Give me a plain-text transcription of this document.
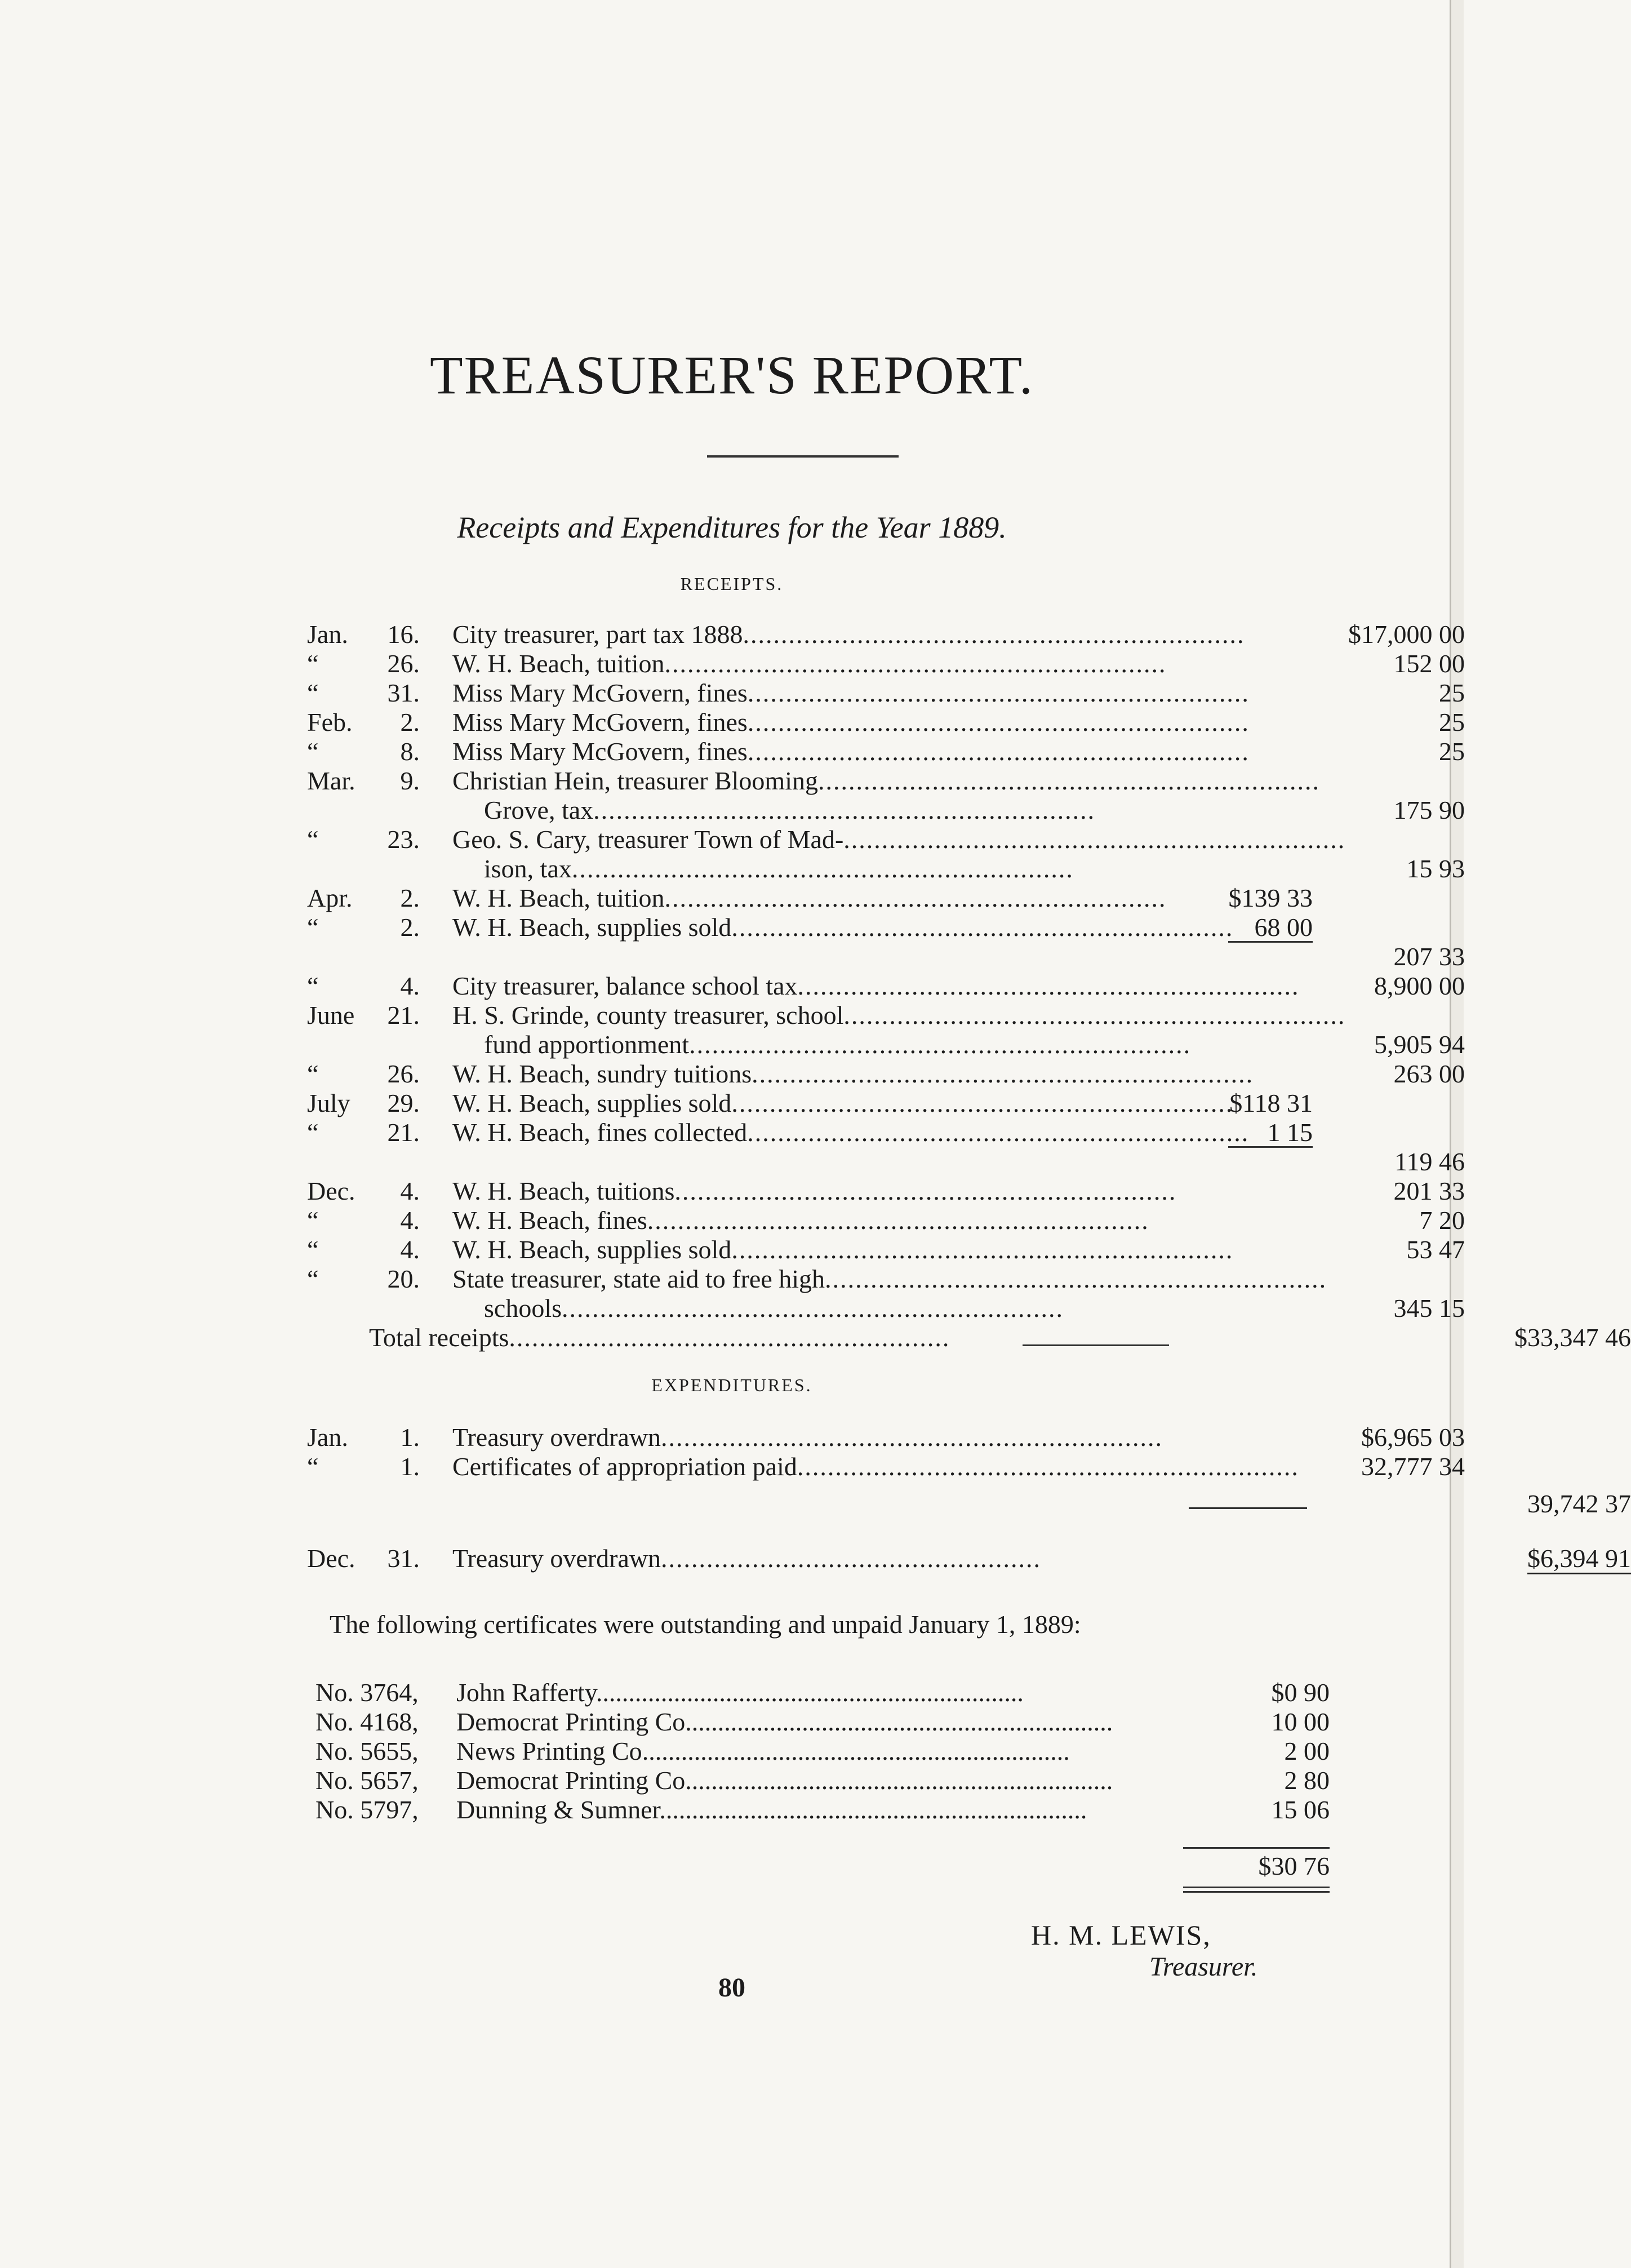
TREASURER'S REPORT.
Receipts and Expenditures for the Year 1889.
RECEIPTS.
Jan.	16. City treasurer, part tax 1888..................................................................	$17,000 00
“	26. W. H. Beach, tuition..................................................................	152 00
“	31. Miss Mary McGovern, fines..................................................................	25
Feb.	2. Miss Mary McGovern, fines..................................................................	25
“	8. Miss Mary McGovern, fines..................................................................	25
Mar.	9. Christian Hein, treasurer Blooming..................................................................
Grove, tax..................................................................	175 90
“	23. Geo. S. Cary, treasurer Town of Mad-..................................................................
ison, tax..................................................................	15 93
Apr.	2. W. H. Beach, tuition..................................................................	$139 33
“	2. W. H. Beach, supplies sold.................................................................. 68 00
207 33
“	4. City treasurer, balance school tax..................................................................	8,900 00
June	21. H. S. Grinde, county treasurer, school..................................................................
fund apportionment..................................................................	5,905 94
“	26. W. H. Beach, sundry tuitions..................................................................	263 00
July	29. W. H. Beach, supplies sold..................................................................
$118 31
“	21. W. H. Beach, fines collected.................................................................. 1 15
119 46
Dec.	4. W. H. Beach, tuitions..................................................................	201 33
“	4. W. H. Beach, fines..................................................................	7 20
“	4. W. H. Beach, supplies sold..................................................................	53 47
“	20. State treasurer, state aid to free high..................................................................
schools..................................................................	345 15
Total receipts..........................................................	$33,347 46
EXPENDITURES.
Jan.	1. Treasury overdrawn..................................................................	$6,965 03
“	1. Certificates of appropriation paid..................................................................	32,777 34
39,742 37
Dec.	31. Treasury overdrawn..................................................	$6,394 91
The following certificates were outstanding and unpaid January 1, 1889:
No. 3764,	John Rafferty..................................................................	$0 90
No. 4168,	Democrat Printing Co..................................................................	10 00
No. 5655,	News Printing Co..................................................................	2 00
No. 5657,	Democrat Printing Co..................................................................	2 80
No. 5797,	Dunning & Sumner..................................................................	15 06
$30 76
H. M. LEWIS,
Treasurer.
80
